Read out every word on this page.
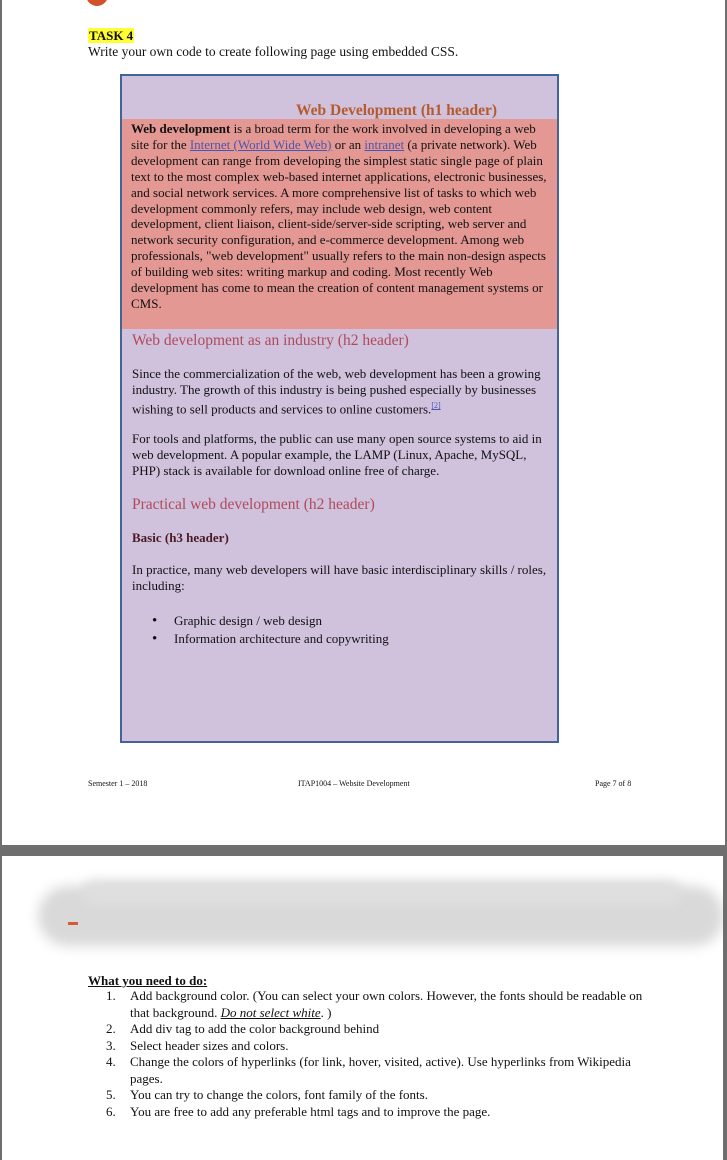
TASK 4
Write your own code to create following page using embedded CSS.
Web Development (h1 header)
Web development is a broad term for the work involved in developing a web site for the Internet (World Wide Web) or an intranet (a private network). Web development can range from developing the simplest static single page of plain text to the most complex web-based internet applications, electronic businesses, and social network services. A more comprehensive list of tasks to which web development commonly refers, may include web design, web content development, client liaison, client-side/server-side scripting, web server and network security configuration, and e-commerce development. Among web professionals, "web development" usually refers to the main non-design aspects of building web sites: writing markup and coding. Most recently Web development has come to mean the creation of content management systems or CMS.
Web development as an industry (h2 header)
Since the commercialization of the web, web development has been a growing industry. The growth of this industry is being pushed especially by businesses wishing to sell products and services to online customers.[2]
For tools and platforms, the public can use many open source systems to aid in web development. A popular example, the LAMP (Linux, Apache, MySQL, PHP) stack is available for download online free of charge.
Practical web development (h2 header)
Basic (h3 header)
In practice, many web developers will have basic interdisciplinary skills / roles, including:
•	Graphic design / web design
•	Information architecture and copywriting
Semester 1 – 2018	ITAP1004 – Website Development	Page 7 of 8
What you need to do:
1.	Add background color. (You can select your own colors. However, the fonts should be readable on that background. Do not select white. )
2.	Add div tag to add the color background behind
3.	Select header sizes and colors.
4.	Change the colors of hyperlinks (for link, hover, visited, active). Use hyperlinks from Wikipedia pages.
5.	You can try to change the colors, font family of the fonts.
6.	You are free to add any preferable html tags and to improve the page.
